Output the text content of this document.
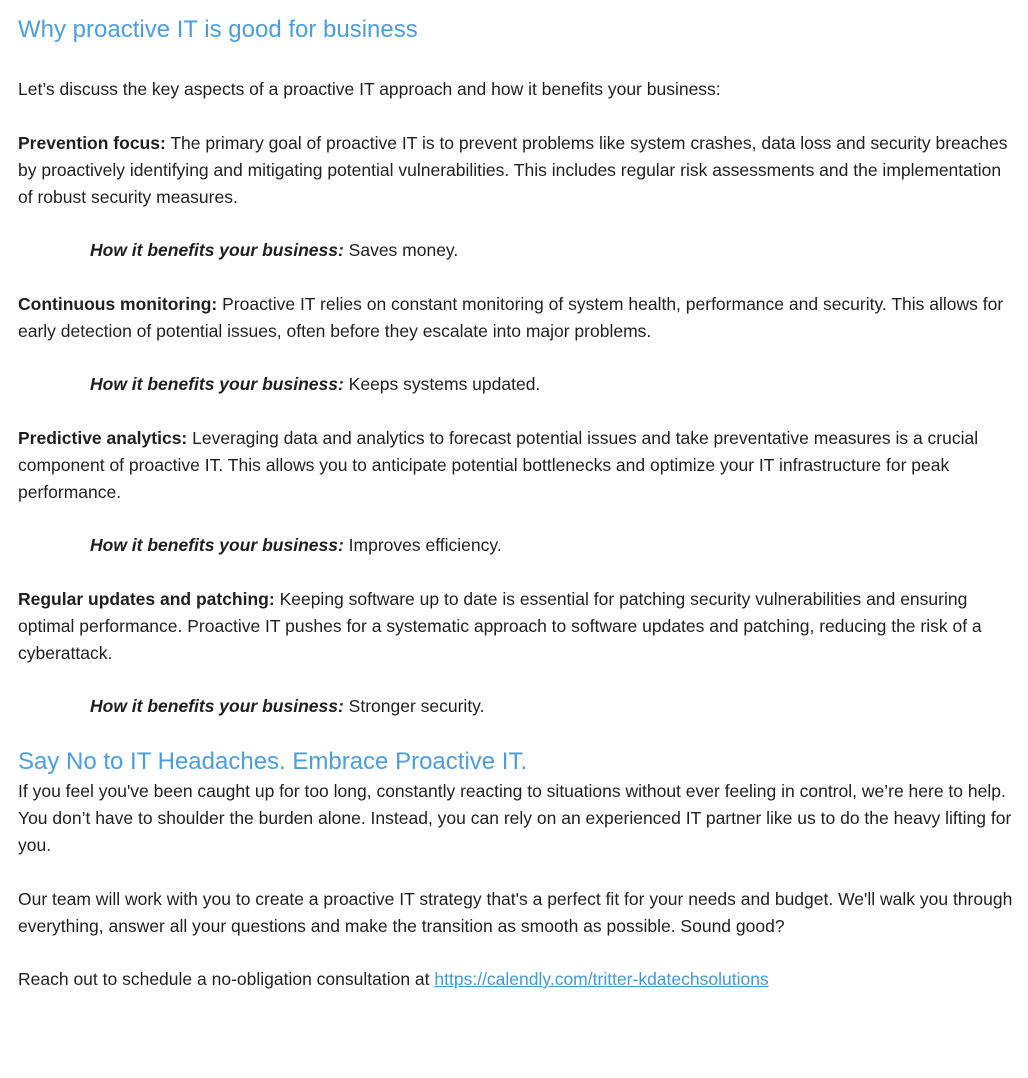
Why proactive IT is good for business

Let’s discuss the key aspects of a proactive IT approach and how it benefits your business:

Prevention focus: The primary goal of proactive IT is to prevent problems like system crashes, data loss and security breaches by proactively identifying and mitigating potential vulnerabilities. This includes regular risk assessments and the implementation of robust security measures.

How it benefits your business: Saves money.

Continuous monitoring: Proactive IT relies on constant monitoring of system health, performance and security. This allows for early detection of potential issues, often before they escalate into major problems.

How it benefits your business: Keeps systems updated.

Predictive analytics: Leveraging data and analytics to forecast potential issues and take preventative measures is a crucial component of proactive IT. This allows you to anticipate potential bottlenecks and optimize your IT infrastructure for peak performance.

How it benefits your business: Improves efficiency.

Regular updates and patching: Keeping software up to date is essential for patching security vulnerabilities and ensuring optimal performance. Proactive IT pushes for a systematic approach to software updates and patching, reducing the risk of a cyberattack.

How it benefits your business: Stronger security.

Say No to IT Headaches. Embrace Proactive IT.

If you feel you've been caught up for too long, constantly reacting to situations without ever feeling in control, we’re here to help. You don’t have to shoulder the burden alone. Instead, you can rely on an experienced IT partner like us to do the heavy lifting for you.

Our team will work with you to create a proactive IT strategy that's a perfect fit for your needs and budget. We'll walk you through everything, answer all your questions and make the transition as smooth as possible. Sound good?

Reach out to schedule a no-obligation consultation at https://calendly.com/tritter-kdatechsolutions
